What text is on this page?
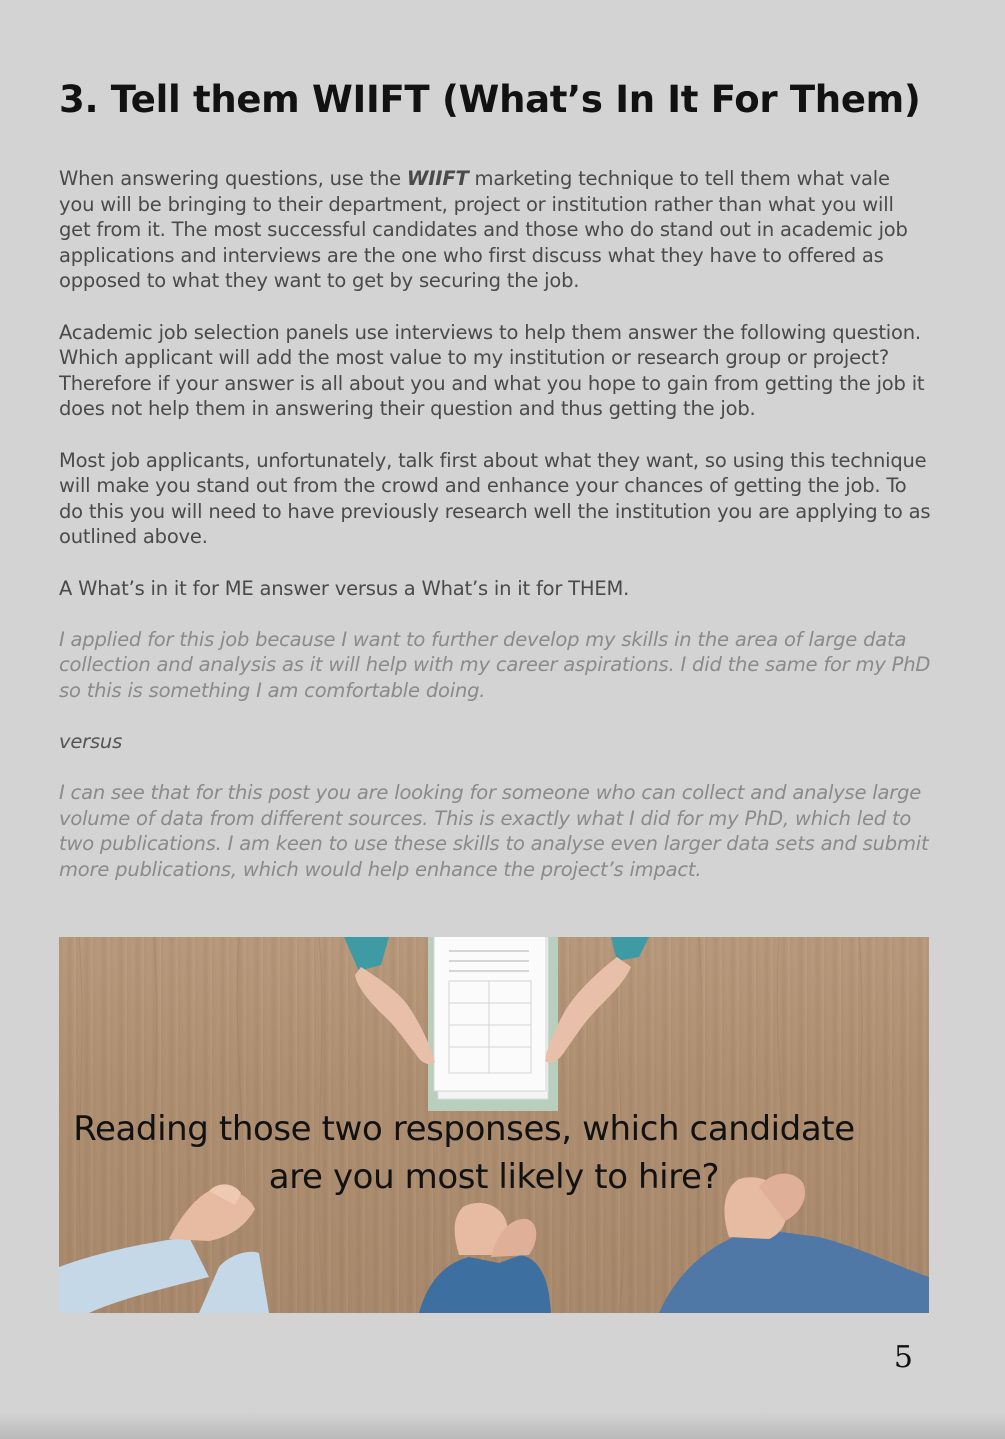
3. Tell them WIIFT (What’s In It For Them)

When answering questions, use the WIIFT marketing technique to tell them what vale you will be bringing to their department, project or institution rather than what you will get from it. The most successful candidates and those who do stand out in academic job applications and interviews are the one who first discuss what they have to offered as opposed to what they want to get by securing the job.

Academic job selection panels use interviews to help them answer the following question. Which applicant will add the most value to my institution or research group or project? Therefore if your answer is all about you and what you hope to gain from getting the job it does not help them in answering their question and thus getting the job.

Most job applicants, unfortunately, talk first about what they want, so using this technique will make you stand out from the crowd and enhance your chances of getting the job. To do this you will need to have previously research well the institution you are applying to as outlined above.

A What’s in it for ME answer versus a What’s in it for THEM.

I applied for this job because I want to further develop my skills in the area of large data collection and analysis as it will help with my career aspirations. I did the same for my PhD so this is something I am comfortable doing.

versus

I can see that for this post you are looking for someone who can collect and analyse large volume of data from different sources. This is exactly what I did for my PhD, which led to two publications. I am keen to use these skills to analyse even larger data sets and submit more publications, which would help enhance the project’s impact.

Reading those two responses, which candidate
are you most likely to hire?
5
